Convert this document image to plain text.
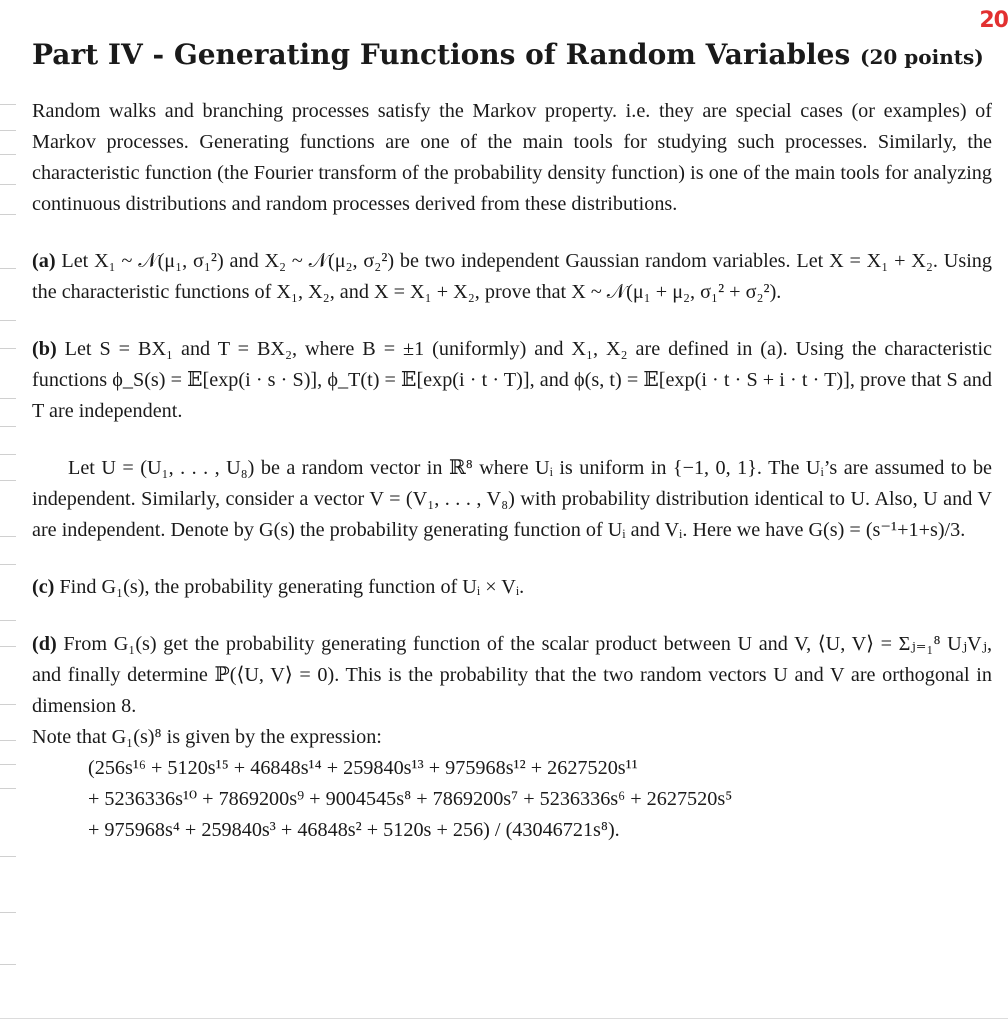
20
Part IV - Generating Functions of Random Variables (20 points)

Random walks and branching processes satisfy the Markov property. i.e. they are special cases (or examples) of Markov processes. Generating functions are one of the main tools for studying such processes. Similarly, the characteristic function (the Fourier transform of the probability density function) is one of the main tools for analyzing continuous distributions and random processes derived from these distributions.

(a) Let X₁ ~ 𝒩(μ₁, σ₁²) and X₂ ~ 𝒩(μ₂, σ₂²) be two independent Gaussian random variables. Let X = X₁ + X₂. Using the characteristic functions of X₁, X₂, and X = X₁ + X₂, prove that X ~ 𝒩(μ₁ + μ₂, σ₁² + σ₂²).

(b) Let S = BX₁ and T = BX₂, where B = ±1 (uniformly) and X₁, X₂ are defined in (a). Using the characteristic functions ϕ_S(s) = 𝔼[exp(i · s · S)], ϕ_T(t) = 𝔼[exp(i · t · T)], and ϕ(s, t) = 𝔼[exp(i · t · S + i · t · T)], prove that S and T are independent.

Let U = (U₁, . . . , U₈) be a random vector in ℝ⁸ where Uᵢ is uniform in {−1, 0, 1}. The Uᵢ’s are assumed to be independent. Similarly, consider a vector V = (V₁, . . . , V₈) with probability distribution identical to U. Also, U and V are independent. Denote by G(s) the probability generating function of Uᵢ and Vᵢ. Here we have G(s) = (s⁻¹+1+s)/3.

(c) Find G₁(s), the probability generating function of Uᵢ × Vᵢ.

(d) From G₁(s) get the probability generating function of the scalar product between U and V, ⟨U, V⟩ = Σⱼ₌₁⁸ UⱼVⱼ, and finally determine ℙ(⟨U, V⟩ = 0). This is the probability that the two random vectors U and V are orthogonal in dimension 8.

Note that G₁(s)⁸ is given by the expression:

(256s¹⁶ + 5120s¹⁵ + 46848s¹⁴ + 259840s¹³ + 975968s¹² + 2627520s¹¹

+ 5236336s¹⁰ + 7869200s⁹ + 9004545s⁸ + 7869200s⁷ + 5236336s⁶ + 2627520s⁵

+ 975968s⁴ + 259840s³ + 46848s² + 5120s + 256) / (43046721s⁸).
